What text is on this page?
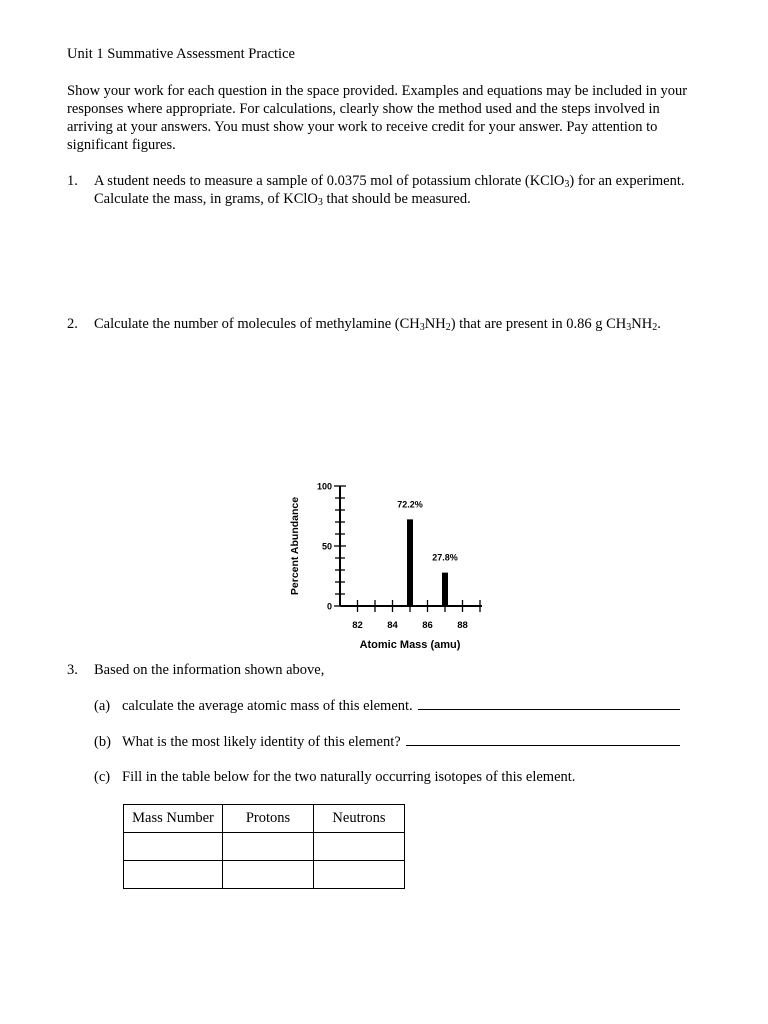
Unit 1 Summative Assessment Practice
Show your work for each question in the space provided. Examples and equations may be included in your responses where appropriate. For calculations, clearly show the method used and the steps involved in arriving at your answers. You must show your work to receive credit for your answer. Pay attention to significant figures.
1. A student needs to measure a sample of 0.0375 mol of potassium chlorate (KClO$_3$) for an experiment. Calculate the mass, in grams, of KClO$_3$ that should be measured.
2. Calculate the number of molecules of methylamine $(CH_3NH_2)$ that are present in 0.86 g $CH_3NH_2$.
0
50
100
82	84	86	88
72.2%
27.8%
Atomic Mass (amu)
Percent Abundance
3. Based on the information shown above,
(a) calculate the average atomic mass of this element.
(b) What is the most likely identity of this element?
(c) Fill in the table below for the two naturally occurring isotopes of this element.
Mass Number	Protons	Neutrons
